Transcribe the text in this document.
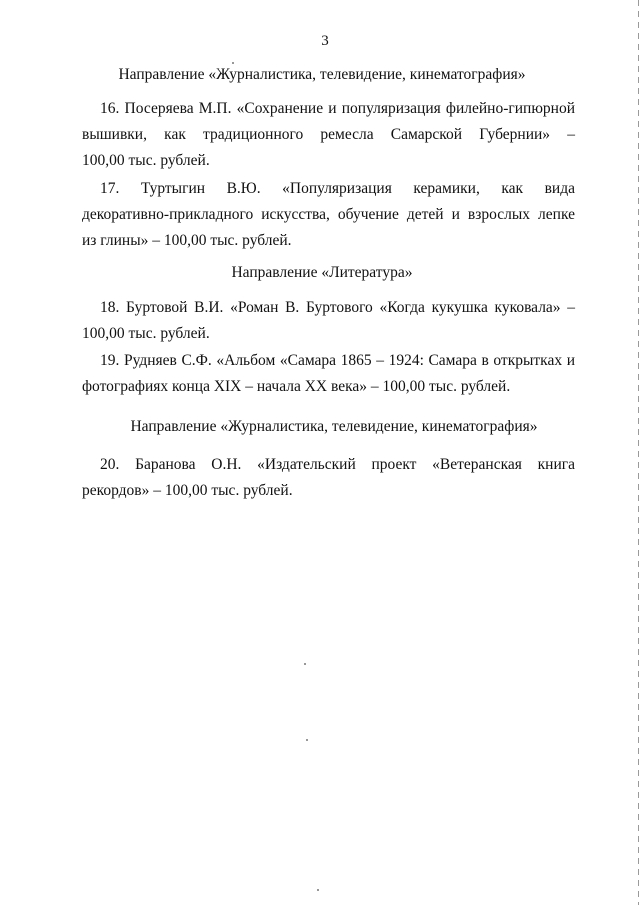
3
Направление «Журналистика, телевидение, кинематография»
16. Посеряева М.П. «Сохранение и популяризация филейно-гипюрной
вышивки, как традиционного ремесла Самарской Губернии» –
100,00 тыс. рублей.
17. Туртыгин В.Ю. «Популяризация керамики, как вида
декоративно-прикладного искусства, обучение детей и взрослых лепке
из глины» – 100,00 тыс. рублей.
Направление «Литература»
18. Буртовой В.И. «Роман В. Буртового «Когда кукушка куковала» –
100,00 тыс. рублей.
19. Рудняев С.Ф. «Альбом «Самара 1865 – 1924: Самара в открытках и
фотографиях конца XIX – начала XX века» – 100,00 тыс. рублей.
Направление «Журналистика, телевидение, кинематография»
20. Баранова О.Н. «Издательский проект «Ветеранская книга
рекордов» – 100,00 тыс. рублей.
